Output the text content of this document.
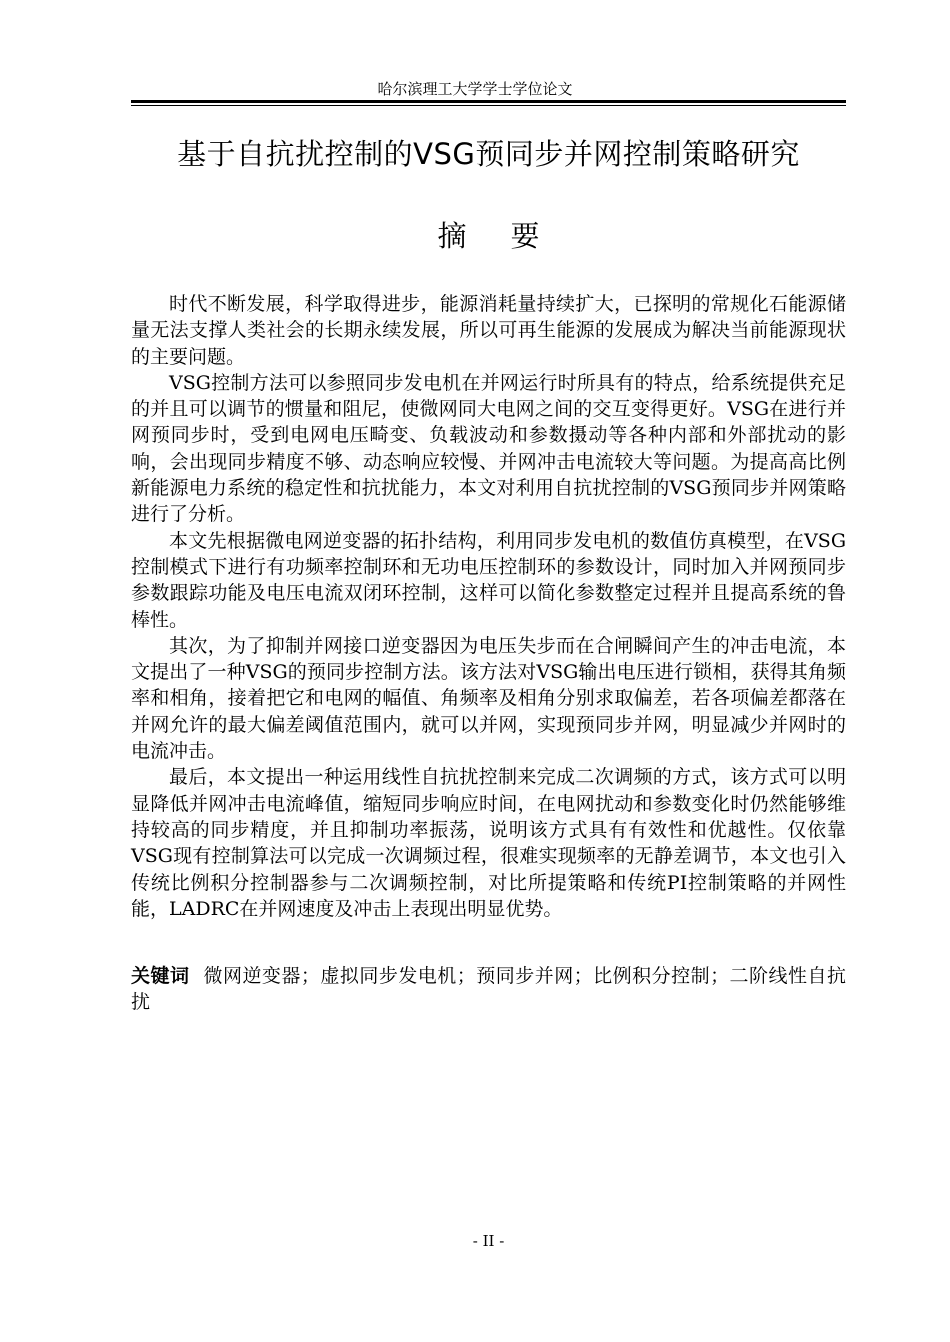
哈尔滨理工大学学士学位论文
基于自抗扰控制的VSG预同步并网控制策略研究
摘 要

时代不断发展，科学取得进步，能源消耗量持续扩大，已探明的常规化石能源储量无法支撑人类社会的长期永续发展，所以可再生能源的发展成为解决当前能源现状的主要问题。

VSG控制方法可以参照同步发电机在并网运行时所具有的特点，给系统提供充足的并且可以调节的惯量和阻尼，使微网同大电网之间的交互变得更好。VSG在进行并网预同步时，受到电网电压畸变、负载波动和参数摄动等各种内部和外部扰动的影响，会出现同步精度不够、动态响应较慢、并网冲击电流较大等问题。为提高高比例新能源电力系统的稳定性和抗扰能力，本文对利用自抗扰控制的VSG预同步并网策略进行了分析。

本文先根据微电网逆变器的拓扑结构，利用同步发电机的数值仿真模型，在VSG控制模式下进行有功频率控制环和无功电压控制环的参数设计，同时加入并网预同步参数跟踪功能及电压电流双闭环控制，这样可以简化参数整定过程并且提高系统的鲁棒性。

其次，为了抑制并网接口逆变器因为电压失步而在合闸瞬间产生的冲击电流，本文提出了一种VSG的预同步控制方法。该方法对VSG输出电压进行锁相，获得其角频率和相角，接着把它和电网的幅值、角频率及相角分别求取偏差，若各项偏差都落在并网允许的最大偏差阈值范围内，就可以并网，实现预同步并网，明显减少并网时的电流冲击。

最后，本文提出一种运用线性自抗扰控制来完成二次调频的方式，该方式可以明显降低并网冲击电流峰值，缩短同步响应时间，在电网扰动和参数变化时仍然能够维持较高的同步精度，并且抑制功率振荡，说明该方式具有有效性和优越性。仅依靠VSG现有控制算法可以完成一次调频过程，很难实现频率的无静差调节，本文也引入传统比例积分控制器参与二次调频控制，对比所提策略和传统PI控制策略的并网性能，LADRC在并网速度及冲击上表现出明显优势。

关键词 微网逆变器；虚拟同步发电机；预同步并网；比例积分控制；二阶线性自抗扰
- II -
